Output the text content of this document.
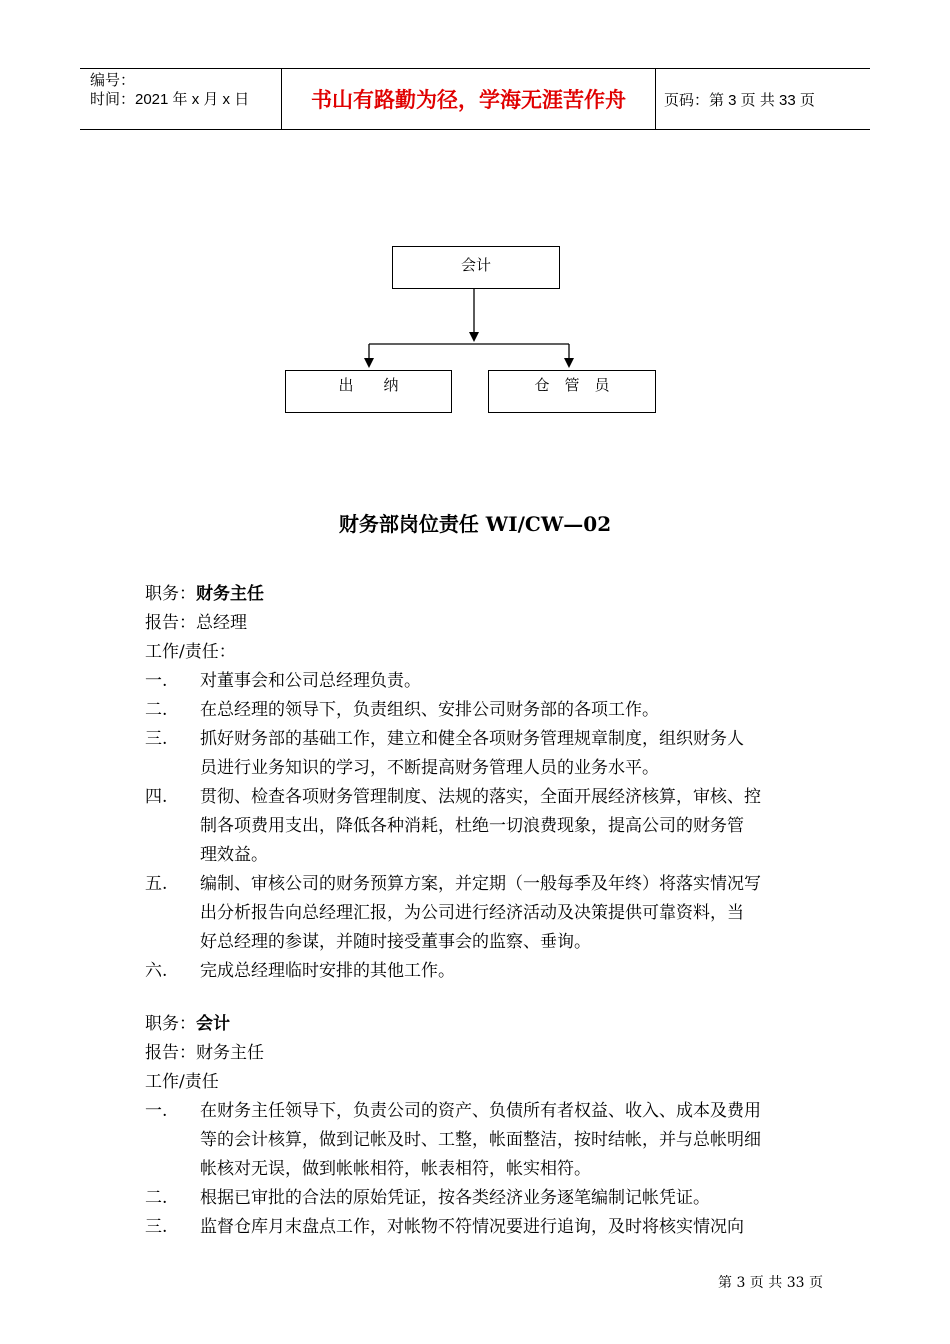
编号：
时间：2021 年 x 月 x 日	书山有路勤为径，学海无涯苦作舟	页码：第 3 页 共 33 页
会计
出　　纳	仓　管　员
财务部岗位责任 WI/CW—02
职务：财务主任
报告：总经理
工作/责任：
一. 对董事会和公司总经理负责。
二. 在总经理的领导下，负责组织、安排公司财务部的各项工作。
三. 抓好财务部的基础工作，建立和健全各项财务管理规章制度，组织财务人
员进行业务知识的学习，不断提高财务管理人员的业务水平。
四. 贯彻、检查各项财务管理制度、法规的落实，全面开展经济核算，审核、控
制各项费用支出，降低各种消耗，杜绝一切浪费现象，提高公司的财务管
理效益。
五. 编制、审核公司的财务预算方案，并定期（一般每季及年终）将落实情况写
出分析报告向总经理汇报，为公司进行经济活动及决策提供可靠资料，当
好总经理的参谋，并随时接受董事会的监察、垂询。
六. 完成总经理临时安排的其他工作。
职务：会计
报告：财务主任
工作/责任
一. 在财务主任领导下，负责公司的资产、负债所有者权益、收入、成本及费用
等的会计核算，做到记帐及时、工整，帐面整洁，按时结帐，并与总帐明细
帐核对无误，做到帐帐相符，帐表相符，帐实相符。
二. 根据已审批的合法的原始凭证，按各类经济业务逐笔编制记帐凭证。
三. 监督仓库月末盘点工作，对帐物不符情况要进行追询，及时将核实情况向
第 3 页 共 33 页
